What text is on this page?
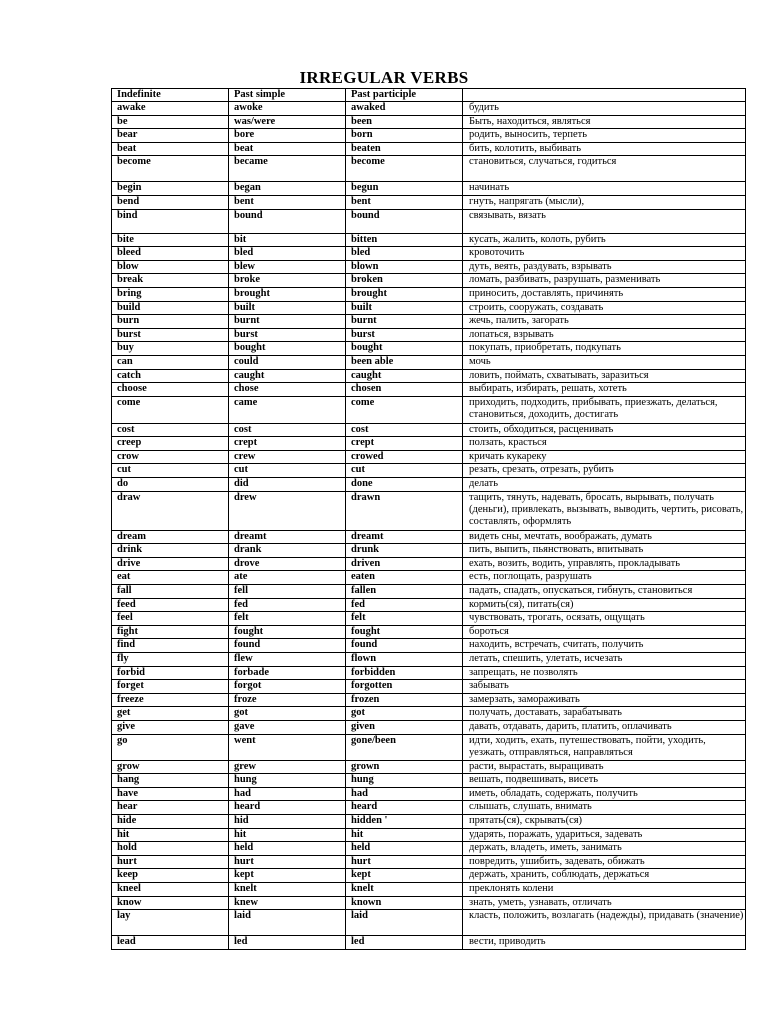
IRREGULAR VERBS
Indefinite	Past simple	Past participle	
awake	awoke	awaked	будить
be	was/were	been	Быть, находиться, являться
bear	bore	born	родить, выносить, терпеть
beat	beat	beaten	бить, колотить, выбивать
become	became	become	становиться, случаться, годиться
begin	began	begun	начинать
bend	bent	bent	гнуть, напрягать (мысли),
bind	bound	bound	связывать, вязать
bite	bit	bitten	кусать, жалить, колоть, рубить
bleed	bled	bled	кровоточить
blow	blew	blown	дуть, веять, раздувать, взрывать
break	broke	broken	ломать, разбивать, разрушать, разменивать
bring	brought	brought	приносить, доставлять, причинять
build	built	built	строить, сооружать, создавать
burn	burnt	burnt	жечь, палить, загорать
burst	burst	burst	лопаться, взрывать
buy	bought	bought	покупать, приобретать, подкупать
can	could	been able	мочь
catch	caught	caught	ловить, поймать, схватывать, заразиться
choose	chose	chosen	выбирать, избирать, решать, хотеть
come	came	come	приходить, подходить, прибывать, приезжать, делаться, становиться, доходить, достигать
cost	cost	cost	стоить, обходиться, расценивать
creep	crept	crept	ползать, красться
crow	crew	crowed	кричать кукареку
cut	cut	cut	резать, срезать, отрезать, рубить
do	did	done	делать
draw	drew	drawn	тащить, тянуть, надевать, бросать, вырывать, получать (деньги), привлекать, вызывать, выводить, чертить, рисовать, составлять, оформлять
dream	dreamt	dreamt	видеть сны, мечтать, воображать, думать
drink	drank	drunk	пить, выпить, пьянствовать, впитывать
drive	drove	driven	ехать, возить, водить, управлять, прокладывать
eat	ate	eaten	есть, поглощать, разрушать
fall	fell	fallen	падать, спадать, опускаться, гибнуть, становиться
feed	fed	fed	кормить(ся), питать(ся)
feel	felt	felt	чувствовать, трогать, осязать, ощущать
fight	fought	fought	бороться
find	found	found	находить, встречать, считать, получить
fly	flew	flown	летать, спешить, улетать, исчезать
forbid	forbade	forbidden	запрещать, не позволять
forget	forgot	forgotten	забывать
freeze	froze	frozen	замерзать, замораживать
get	got	got	получать, доставать, зарабатывать
give	gave	given	давать, отдавать, дарить, платить, оплачивать
go	went	gone/been	идти, ходить, ехать, путешествовать, пойти, уходить, уезжать, отправляться, направляться
grow	grew	grown	расти, вырастать, выращивать
hang	hung	hung	вешать, подвешивать, висеть
have	had	had	иметь, обладать, содержать, получить
hear	heard	heard	слышать, слушать, внимать
hide	hid	hidden '	прятать(ся), скрывать(ся)
hit	hit	hit	ударять, поражать, удариться, задевать
hold	held	held	держать, владеть, иметь, занимать
hurt	hurt	hurt	повредить, ушибить, задевать, обижать
keep	kept	kept	держать, хранить, соблюдать, держаться
kneel	knelt	knelt	преклонять колени
know	knew	known	знать, уметь, узнавать, отличать
lay	laid	laid	класть, положить, возлагать (надежды), придавать (значение)
lead	led	led	вести, приводить
